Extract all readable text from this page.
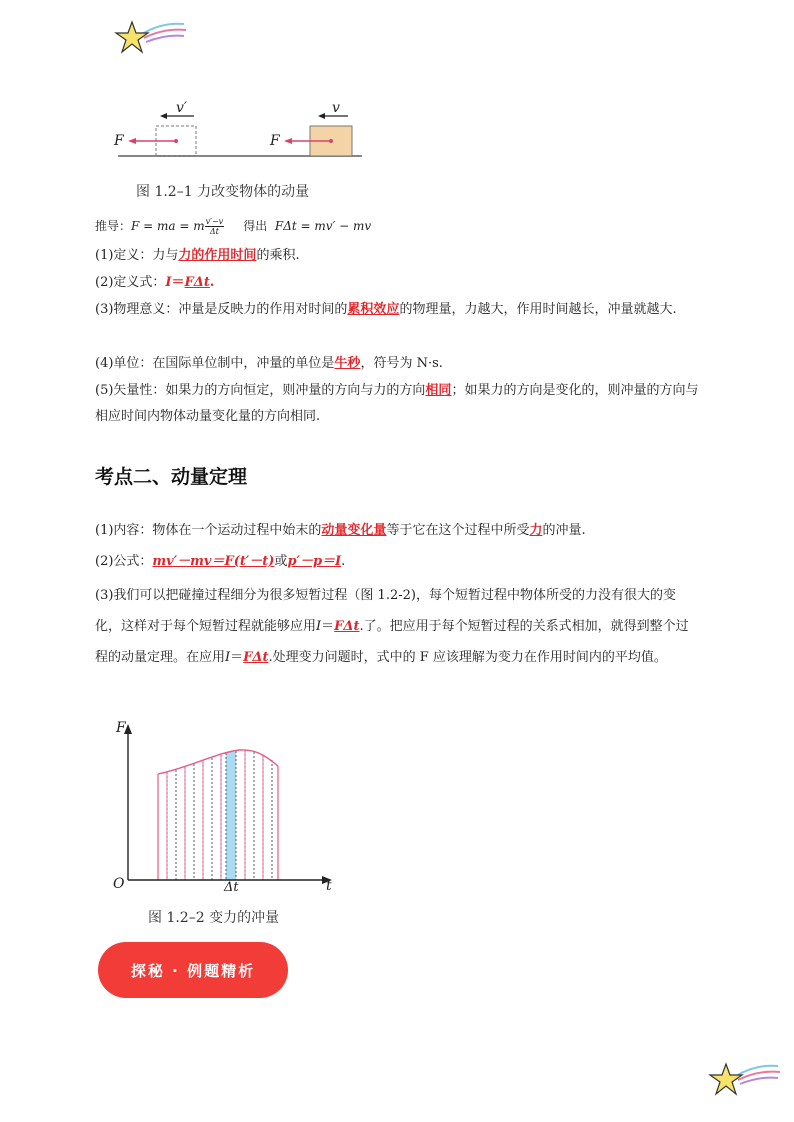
v′	v
F	F
图 1.2–1 力改变物体的动量
推导：F = ma = m $\frac{v'-v}{\Delta t}$ 得出 FΔt = mv′ − mv
(1)定义：力与力的作用时间的乘积.
(2)定义式：I＝FΔt.
(3)物理意义：冲量是反映力的作用对时间的累积效应的物理量，力越大，作用时间越长，冲量就越大.
(4)单位：在国际单位制中，冲量的单位是牛秒，符号为 N·s.
(5)矢量性：如果力的方向恒定，则冲量的方向与力的方向相同；如果力的方向是变化的，则冲量的方向与相应时间内物体动量变化量的方向相同.
考点二、动量定理
(1)内容：物体在一个运动过程中始末的动量变化量等于它在这个过程中所受力的冲量.
(2)公式：mv′－mv＝F(t′－t)或p′－p＝I.
(3)我们可以把碰撞过程细分为很多短暂过程（图 1.2-2)，每个短暂过程中物体所受的力没有很大的变化，这样对于每个短暂过程就能够应用I＝FΔt.了。把应用于每个短暂过程的关系式相加，就得到整个过程的动量定理。在应用I＝FΔt.处理变力问题时，式中的 F 应该理解为变力在作用时间内的平均值。
F
t
O	Δt
图 1.2–2 变力的冲量
探秘 · 例题精析
